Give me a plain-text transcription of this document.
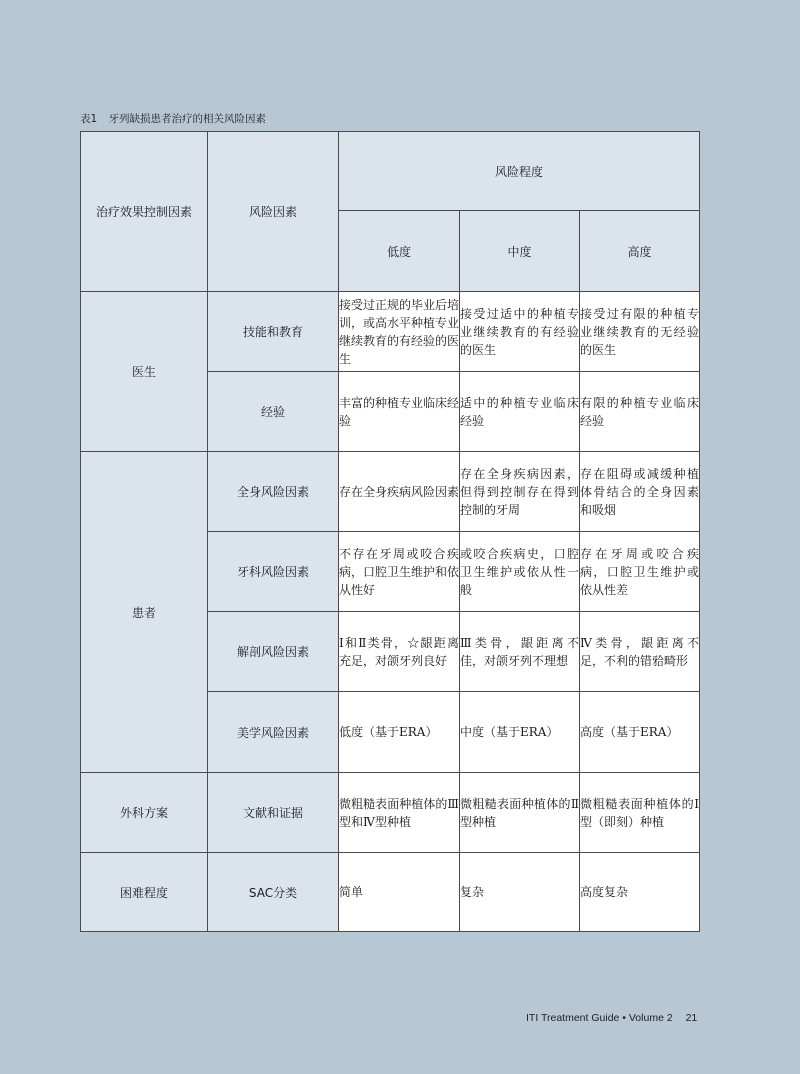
表1 牙列缺损患者治疗的相关风险因素
治疗效果控制因素	风险因素	风险程度		
		低度	中度	高度
医生	技能和教育	接受过正规的毕业后培训，或高水平种植专业继续教育的有经验的医生	接受过适中的种植专业继续教育的有经验的医生	接受过有限的种植专业继续教育的无经验的医生
	经验	丰富的种植专业临床经验	适中的种植专业临床经验	有限的种植专业临床经验
患者	全身风险因素	存在全身疾病风险因素	存在全身疾病因素，但得到控制存在得到控制的牙周	存在阻碍或减缓种植体骨结合的全身因素和吸烟
	牙科风险因素	不存在牙周或咬合疾病，口腔卫生维护和依从性好	或咬合疾病史，口腔卫生维护或依从性一般	存在牙周或咬合疾病，口腔卫生维护或依从性差
	解剖风险因素	Ⅰ和Ⅱ类骨，☆龈距离充足，对颌牙列良好	Ⅲ类骨，龈距离不佳，对颌牙列不理想	Ⅳ类骨，龈距离不足，不利的错𬌗畸形
	美学风险因素	低度（基于ERA）	中度（基于ERA）	高度（基于ERA）
外科方案	文献和证据	微粗糙表面种植体的Ⅲ型和Ⅳ型种植	微粗糙表面种植体的Ⅱ型种植	微粗糙表面种植体的Ⅰ型（即刻）种植
困难程度	SAC分类	简单	复杂	高度复杂
ITI Treatment Guide • Volume 2 21
